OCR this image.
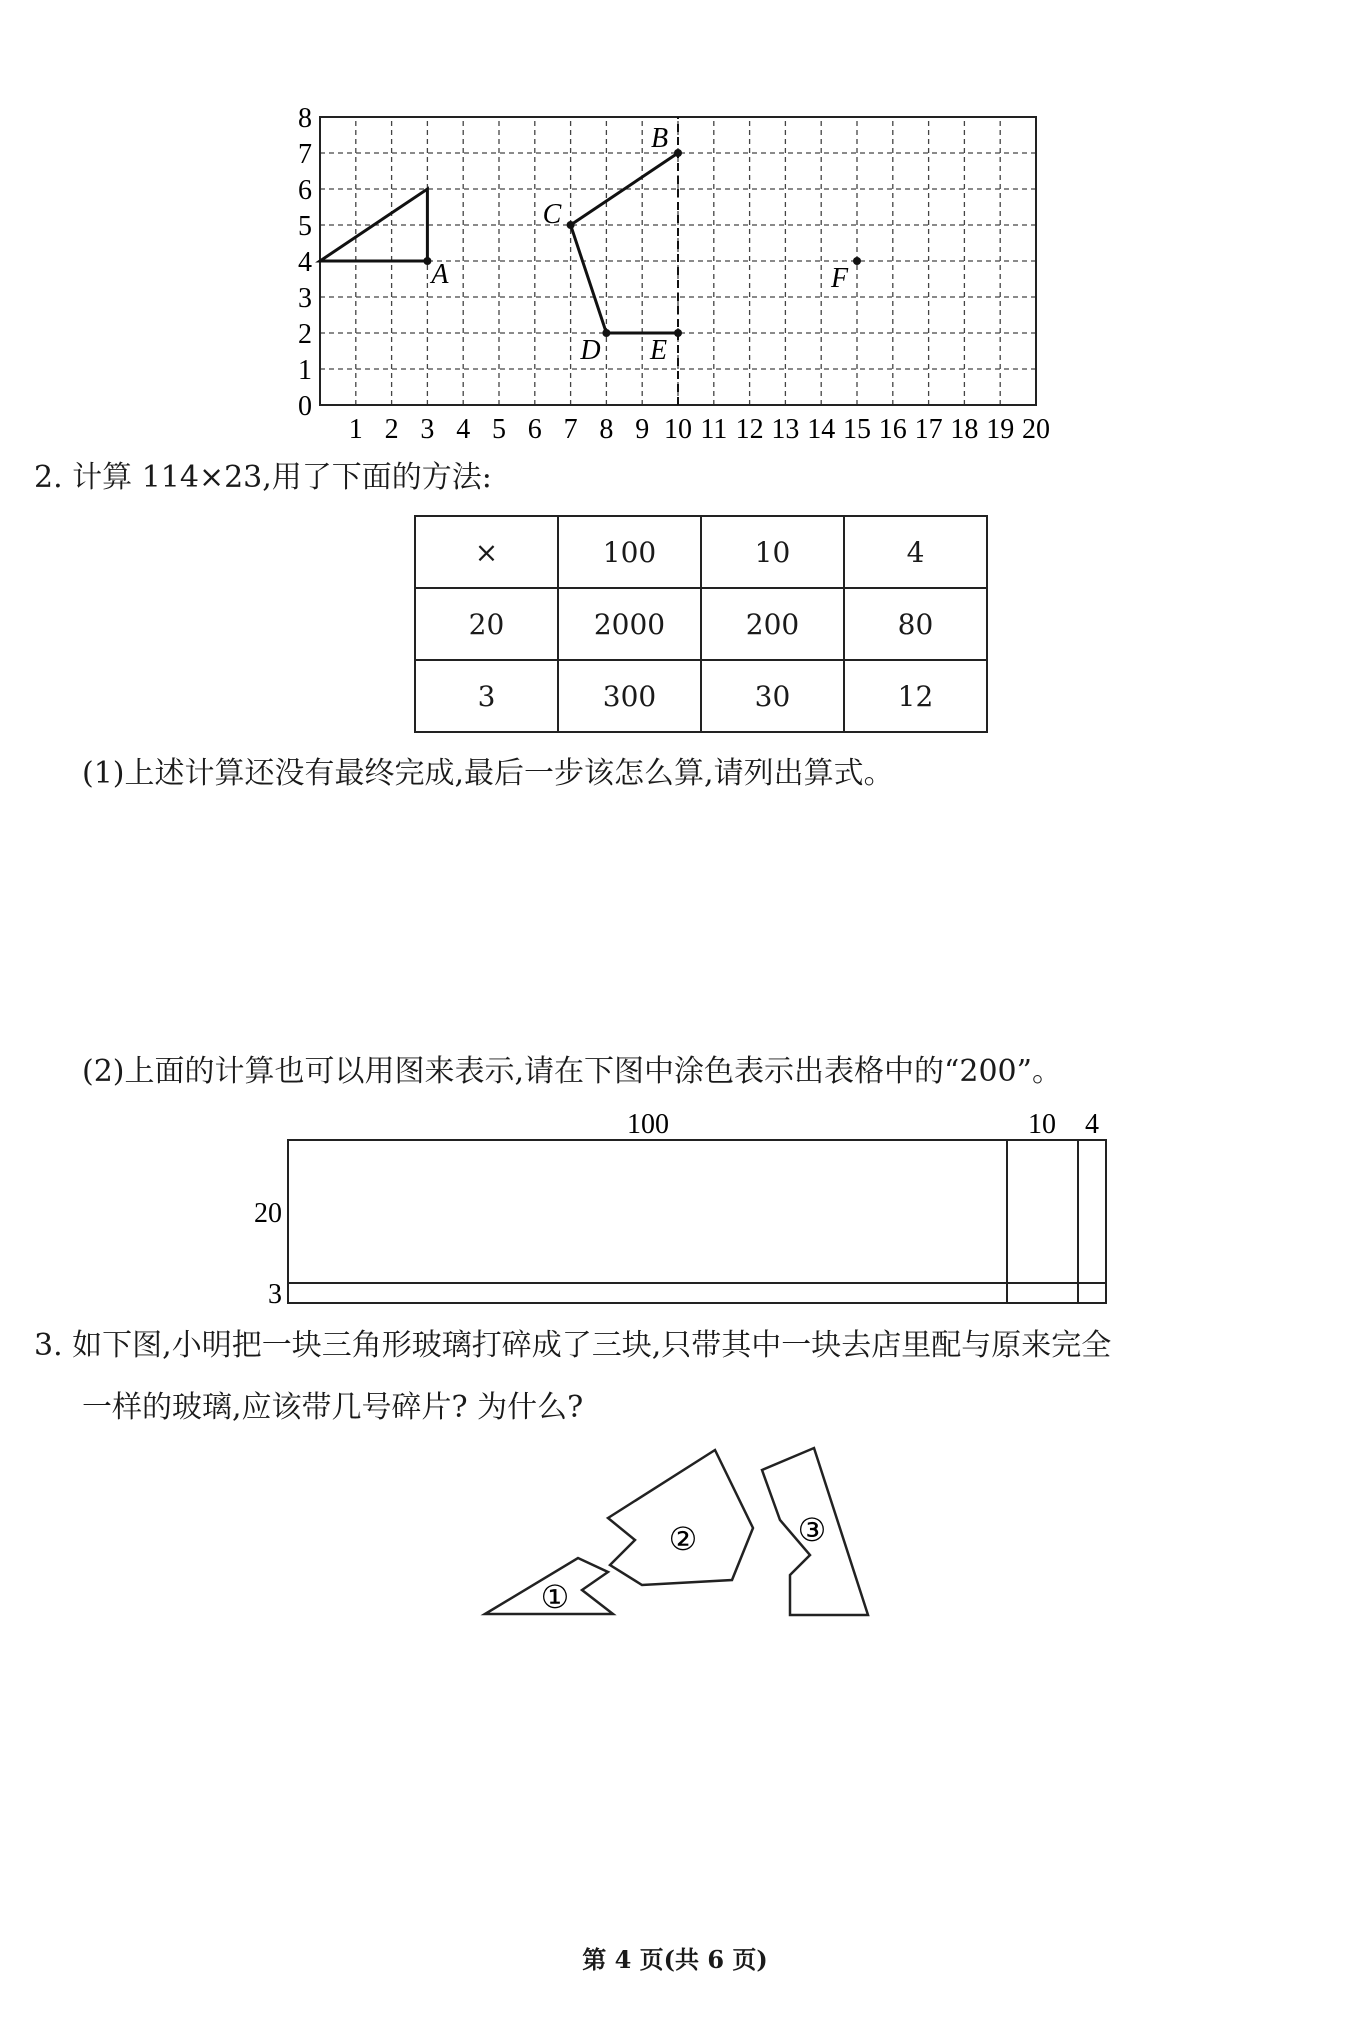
A
B
C
D E
F
0
1
2
3
4
5
6
7
8
1 2 3 4 5 6 7 8 9 10 11 12 13 14 15 16 17 18 19 20
2. 计算 114×23,用了下面的方法:
×	100	10	4
20	2000	200	80
3	300	30	12
(1)上述计算还没有最终完成,最后一步该怎么算,请列出算式。
(2)上面的计算也可以用图来表示,请在下图中涂色表示出表格中的“200”。
100	10 4
20
3
3. 如下图,小明把一块三角形玻璃打碎成了三块,只带其中一块去店里配与原来完全
一样的玻璃,应该带几号碎片? 为什么?
①
②	③
第 4 页(共 6 页)
